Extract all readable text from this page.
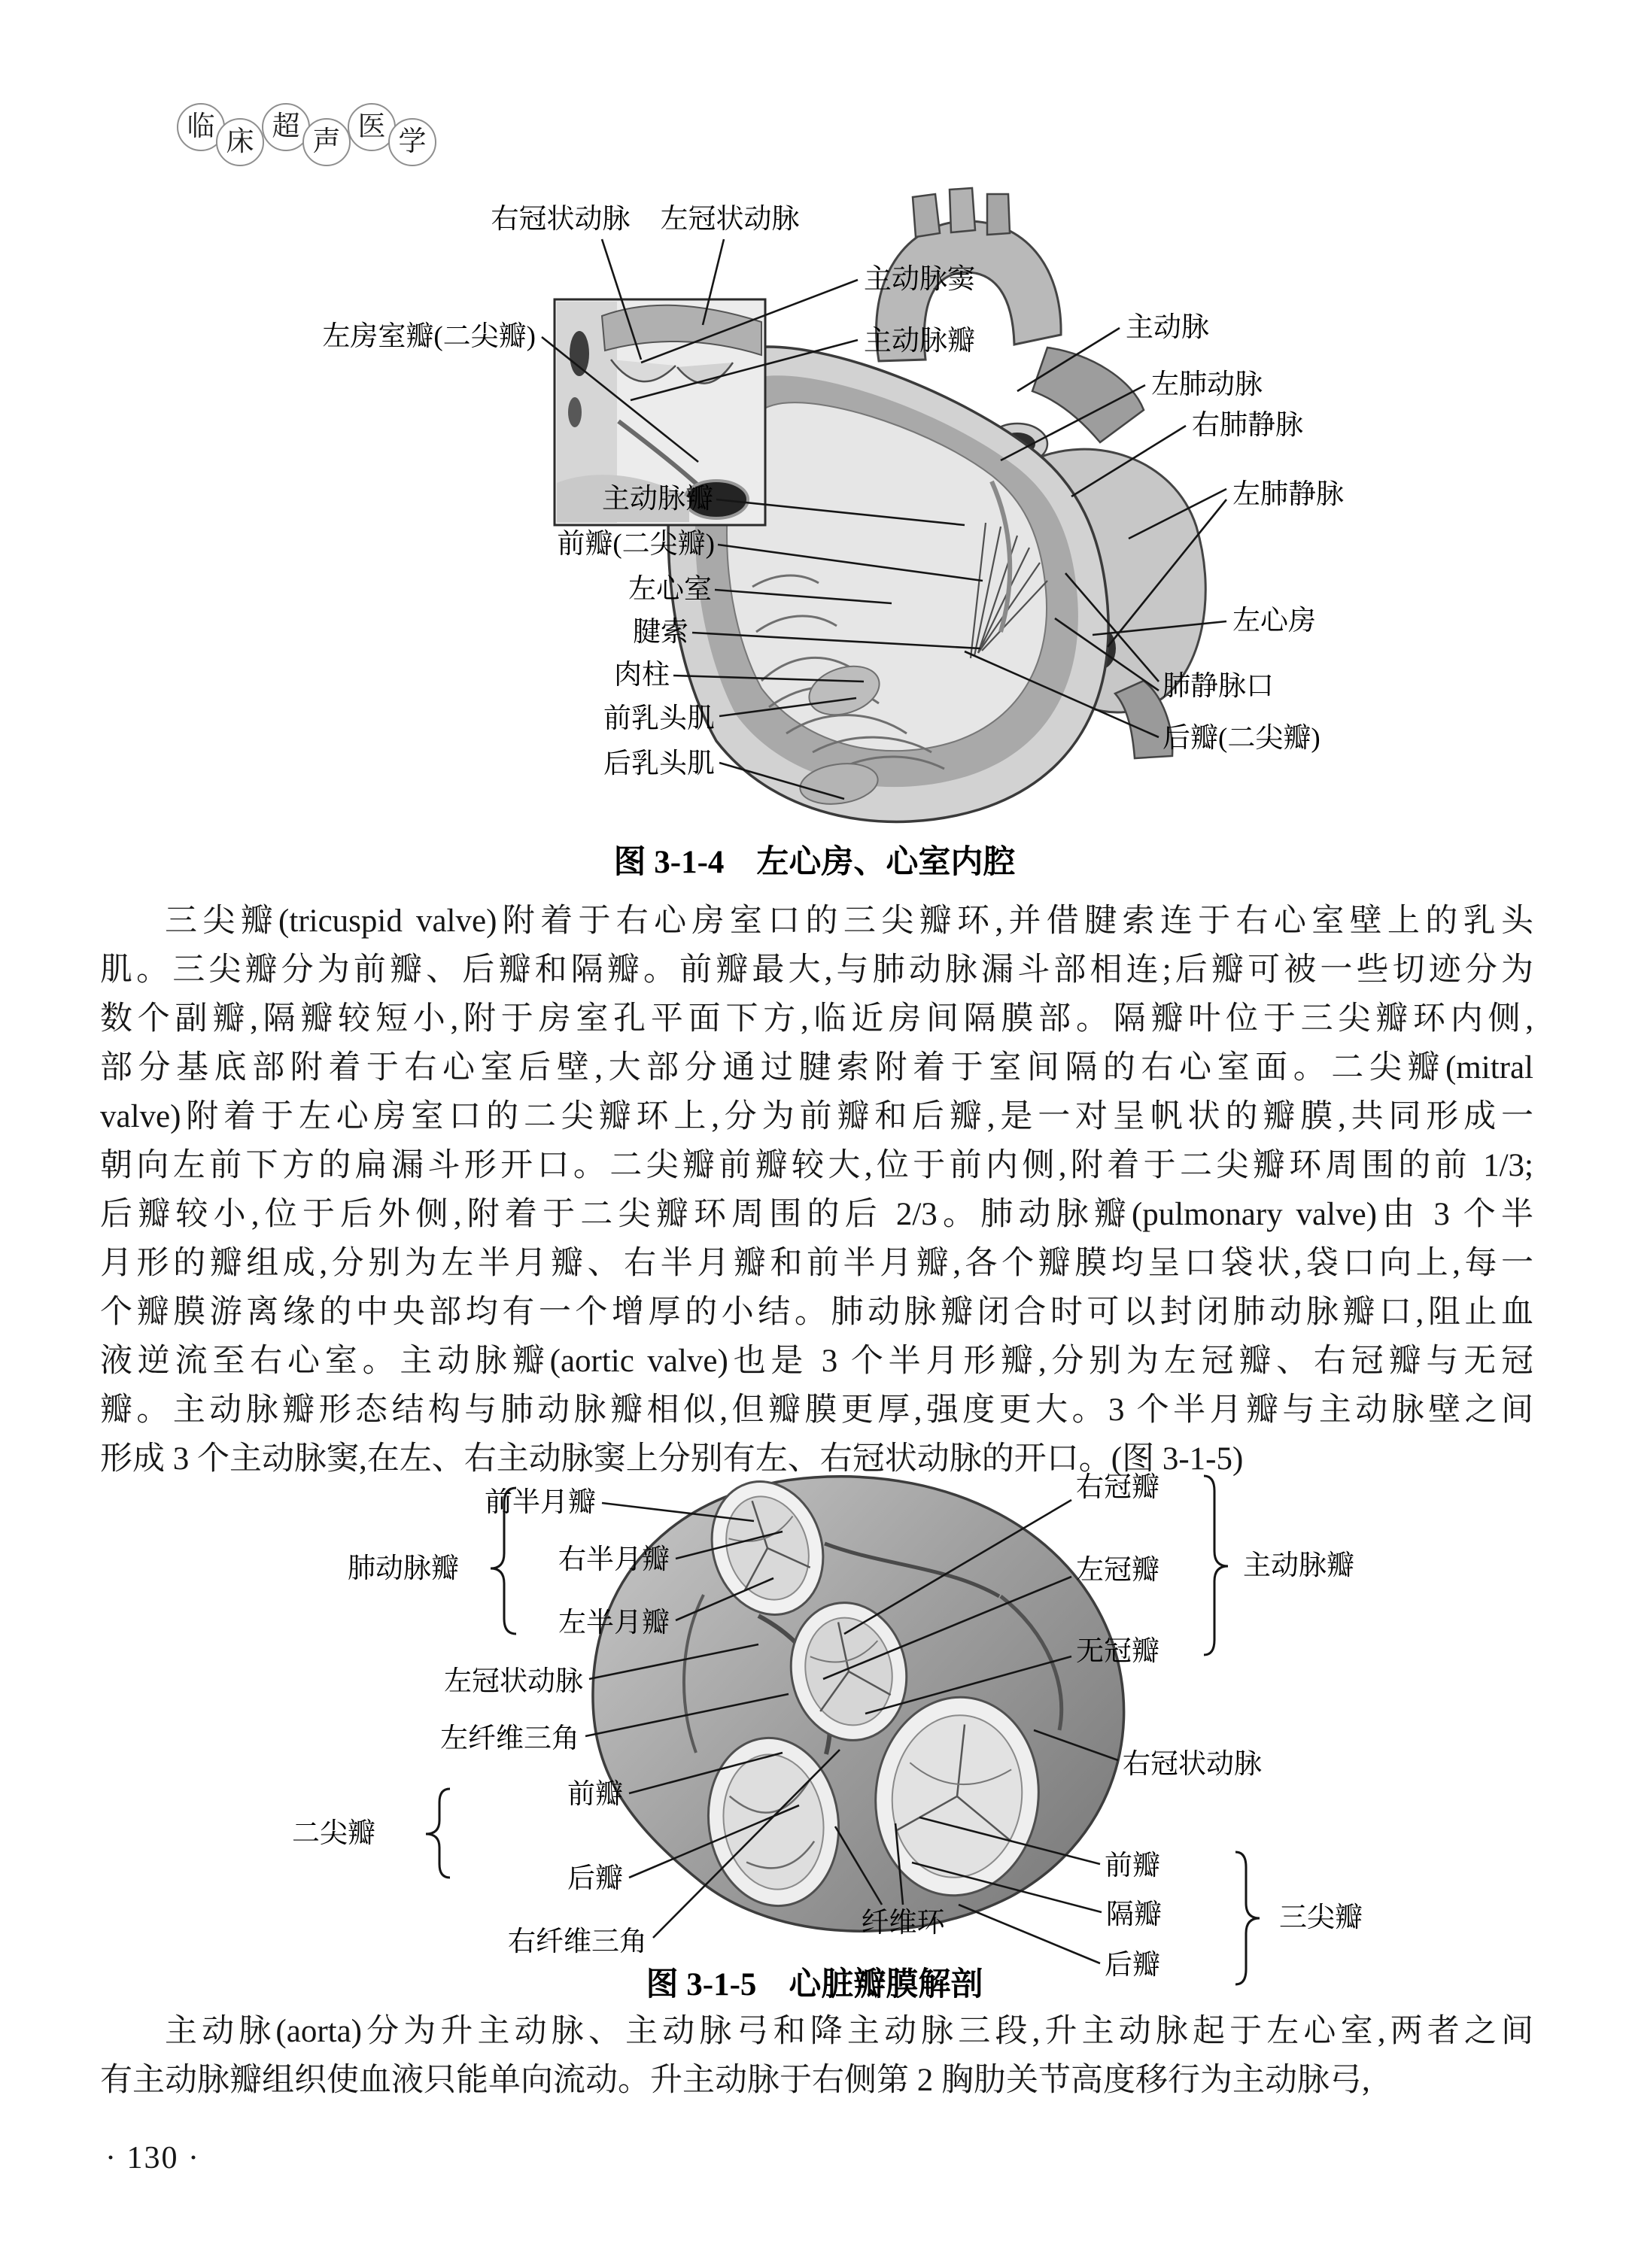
临 床 超 声 医 学
右冠状动脉	左冠状动脉
主动脉窦
左房室瓣(二尖瓣)	主动脉瓣	主动脉
左肺动脉
右肺静脉
左肺静脉
主动脉瓣
前瓣(二尖瓣)
左心室
腱索
肉柱
前乳头肌
后乳头肌
左心房
肺静脉口
后瓣(二尖瓣)
图 3-1-4　左心房、心室内腔
三尖瓣(tricuspid valve)附着于右心房室口的三尖瓣环,并借腱索连于右心室壁上的乳头
肌。三尖瓣分为前瓣、后瓣和隔瓣。前瓣最大,与肺动脉漏斗部相连;后瓣可被一些切迹分为
数个副瓣,隔瓣较短小,附于房室孔平面下方,临近房间隔膜部。隔瓣叶位于三尖瓣环内侧,
部分基底部附着于右心室后壁,大部分通过腱索附着于室间隔的右心室面。二尖瓣(mitral
valve)附着于左心房室口的二尖瓣环上,分为前瓣和后瓣,是一对呈帆状的瓣膜,共同形成一
朝向左前下方的扁漏斗形开口。二尖瓣前瓣较大,位于前内侧,附着于二尖瓣环周围的前 1/3;
后瓣较小,位于后外侧,附着于二尖瓣环周围的后 2/3。肺动脉瓣(pulmonary valve)由 3 个半
月形的瓣组成,分别为左半月瓣、右半月瓣和前半月瓣,各个瓣膜均呈口袋状,袋口向上,每一
个瓣膜游离缘的中央部均有一个增厚的小结。肺动脉瓣闭合时可以封闭肺动脉瓣口,阻止血
液逆流至右心室。主动脉瓣(aortic valve)也是 3 个半月形瓣,分别为左冠瓣、右冠瓣与无冠
瓣。主动脉瓣形态结构与肺动脉瓣相似,但瓣膜更厚,强度更大。3 个半月瓣与主动脉壁之间
形成 3 个主动脉窦,在左、右主动脉窦上分别有左、右冠状动脉的开口。(图 3-1-5)
前半月瓣
肺动脉瓣	右半月瓣
左半月瓣
左冠状动脉
左纤维三角
前瓣
二尖瓣
后瓣
右纤维三角
右冠瓣
左冠瓣	主动脉瓣
无冠瓣
右冠状动脉
前瓣
隔瓣	三尖瓣
后瓣
纤维环
图 3-1-5　心脏瓣膜解剖
主动脉(aorta)分为升主动脉、主动脉弓和降主动脉三段,升主动脉起于左心室,两者之间
有主动脉瓣组织使血液只能单向流动。升主动脉于右侧第 2 胸肋关节高度移行为主动脉弓,
· 130 ·
